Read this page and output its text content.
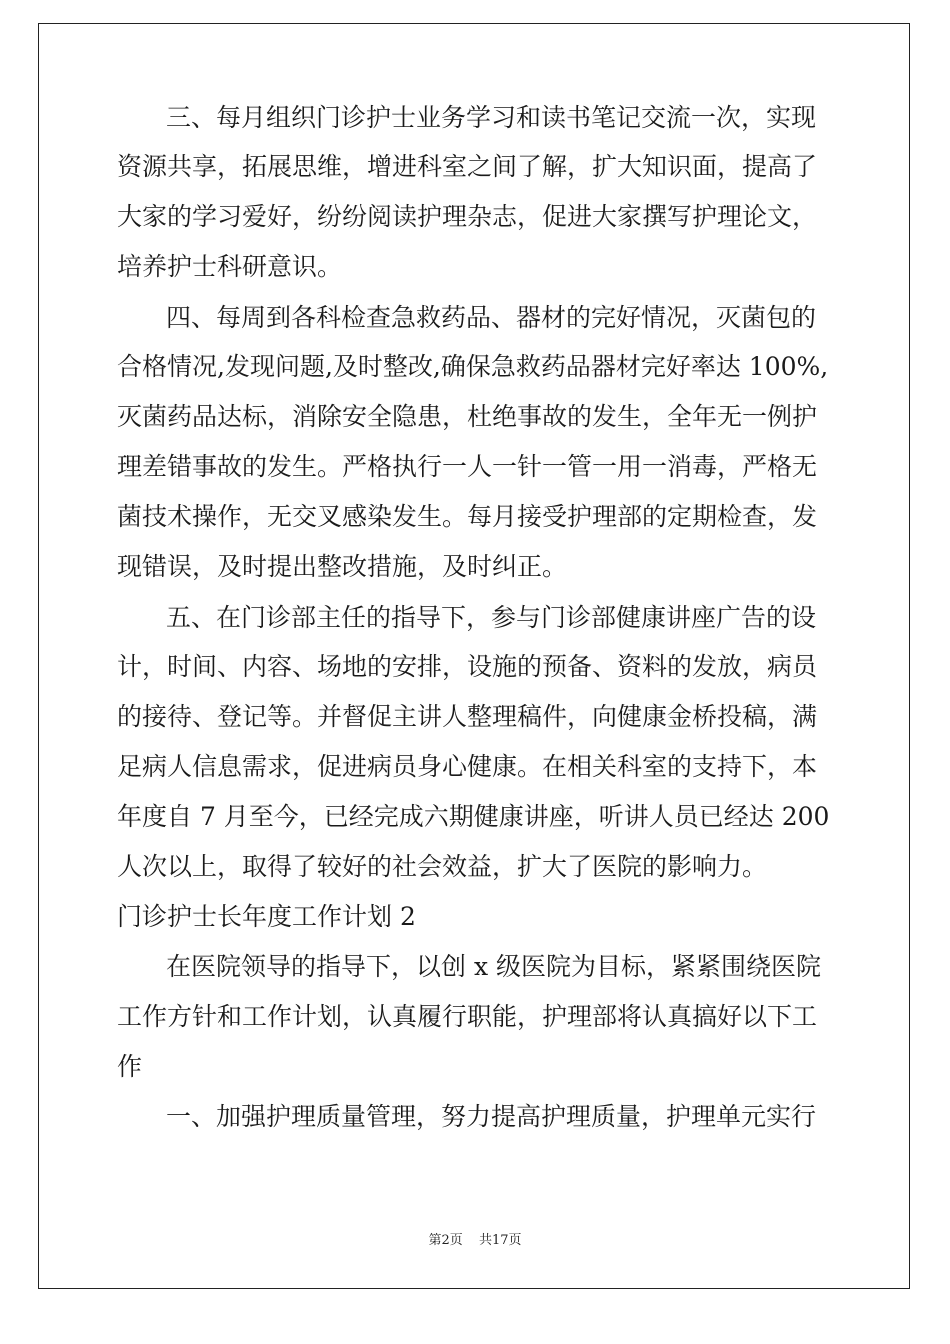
三、每月组织门诊护士业务学习和读书笔记交流一次，实现
资源共享，拓展思维，增进科室之间了解，扩大知识面，提高了
大家的学习爱好，纷纷阅读护理杂志，促进大家撰写护理论文，
培养护士科研意识。
四、每周到各科检查急救药品、器材的完好情况，灭菌包的
合格情况,发现问题,及时整改,确保急救药品器材完好率达 100%,
灭菌药品达标，消除安全隐患，杜绝事故的发生，全年无一例护
理差错事故的发生。严格执行一人一针一管一用一消毒，严格无
菌技术操作，无交叉感染发生。每月接受护理部的定期检查，发
现错误，及时提出整改措施，及时纠正。
五、在门诊部主任的指导下，参与门诊部健康讲座广告的设
计，时间、内容、场地的安排，设施的预备、资料的发放，病员
的接待、登记等。并督促主讲人整理稿件，向健康金桥投稿，满
足病人信息需求，促进病员身心健康。在相关科室的支持下，本
年度自 7 月至今，已经完成六期健康讲座，听讲人员已经达 200
人次以上，取得了较好的社会效益，扩大了医院的影响力。
门诊护士长年度工作计划 2
在医院领导的指导下，以创 x 级医院为目标，紧紧围绕医院
工作方针和工作计划，认真履行职能，护理部将认真搞好以下工
作
一、加强护理质量管理，努力提高护理质量，护理单元实行
第2页 共17页
